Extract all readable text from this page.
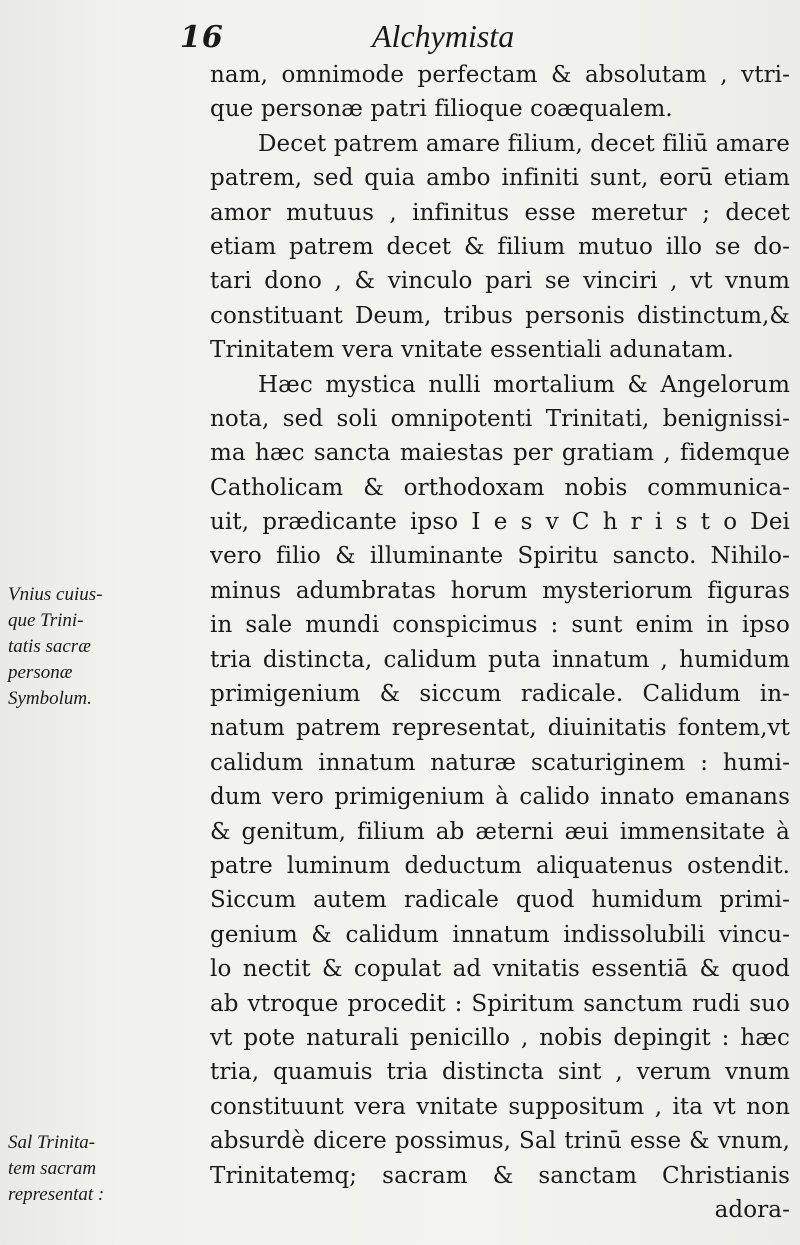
16	Alchymista
nam, omnimode perfectam & absolutam , vtri-
que personæ patri filioque coæqualem.
Decet patrem amare filium, decet filiū amare
patrem, sed quia ambo infiniti sunt, eorū etiam
amor mutuus , infinitus esse meretur ; decet
etiam patrem decet & filium mutuo illo se do-
tari dono , & vinculo pari se vinciri , vt vnum
constituant Deum, tribus personis distinctum,&
Trinitatem vera vnitate essentiali adunatam.
Hæc mystica nulli mortalium & Angelorum
nota, sed soli omnipotenti Trinitati, benignissi-
ma hæc sancta maiestas per gratiam , fidemque
Catholicam & orthodoxam nobis communica-
uit, prædicante ipso I e s v C h r i s t o Dei
vero filio & illuminante Spiritu sancto. Nihilo-
minus adumbratas horum mysteriorum figuras
in sale mundi conspicimus : sunt enim in ipso
tria distincta, calidum puta innatum , humidum
primigenium & siccum radicale. Calidum in-
natum patrem representat, diuinitatis fontem,vt
calidum innatum naturæ scaturiginem : humi-
dum vero primigenium à calido innato emanans
& genitum, filium ab æterni æui immensitate à
patre luminum deductum aliquatenus ostendit.
Siccum autem radicale quod humidum primi-
genium & calidum innatum indissolubili vincu-
lo nectit & copulat ad vnitatis essentiā & quod
ab vtroque procedit : Spiritum sanctum rudi suo
vt pote naturali penicillo , nobis depingit : hæc
tria, quamuis tria distincta sint , verum vnum
constituunt vera vnitate suppositum , ita vt non
absurdè dicere possimus, Sal trinū esse & vnum,
Trinitatemq; sacram & sanctam Christianis
adora-
Vnius cuius-
que Trini-
tatis sacræ
personæ
Symbolum.
Sal Trinita-
tem sacram
representat :
